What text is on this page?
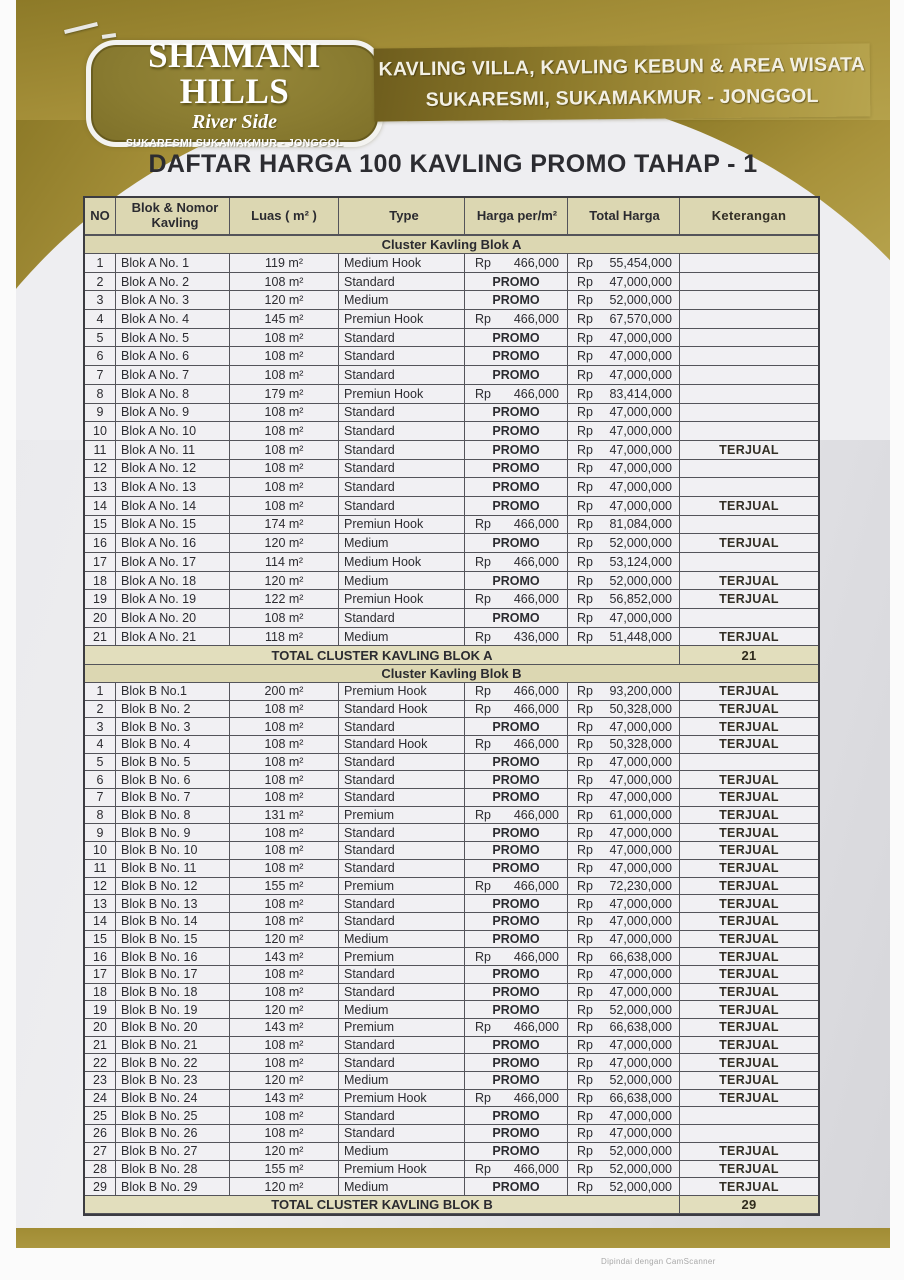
SHAMANI HILLS
River Side
SUKARESMI SUKAMAKMUR - JONGGOL
KAVLING VILLA, KAVLING KEBUN & AREA WISATA
SUKARESMI, SUKAMAKMUR - JONGGOL
DAFTAR HARGA 100 KAVLING PROMO TAHAP - 1
NO	Blok & Nomor Kavling	Luas ( m² )	Type	Harga per/m²	Total Harga	Keterangan
Cluster Kavling Blok A
1	Blok A No. 1	119 m²	Medium Hook	Rp 466,000 Rp 55,454,000
2	Blok A No. 2	108 m²	Standard	PROMO	Rp 47,000,000
3	Blok A No. 3	120 m²	Medium	PROMO	Rp 52,000,000
4	Blok A No. 4	145 m²	Premiun Hook	Rp 466,000 Rp 67,570,000
5	Blok A No. 5	108 m²	Standard	PROMO	Rp 47,000,000
6	Blok A No. 6	108 m²	Standard	PROMO	Rp 47,000,000
7	Blok A No. 7	108 m²	Standard	PROMO	Rp 47,000,000
8	Blok A No. 8	179 m²	Premiun Hook	Rp 466,000 Rp 83,414,000
9	Blok A No. 9	108 m²	Standard	PROMO	Rp 47,000,000
10	Blok A No. 10	108 m²	Standard	PROMO	Rp 47,000,000
11	Blok A No. 11	108 m²	Standard	PROMO	Rp 47,000,000	TERJUAL
12	Blok A No. 12	108 m²	Standard	PROMO	Rp 47,000,000
13	Blok A No. 13	108 m²	Standard	PROMO	Rp 47,000,000
14	Blok A No. 14	108 m²	Standard	PROMO	Rp 47,000,000	TERJUAL
15	Blok A No. 15	174 m²	Premiun Hook	Rp 466,000 Rp 81,084,000
16	Blok A No. 16	120 m²	Medium	PROMO	Rp 52,000,000	TERJUAL
17	Blok A No. 17	114 m²	Medium Hook	Rp 466,000 Rp 53,124,000
18	Blok A No. 18	120 m²	Medium	PROMO	Rp 52,000,000	TERJUAL
19	Blok A No. 19	122 m²	Premiun Hook	Rp 466,000 Rp 56,852,000	TERJUAL
20	Blok A No. 20	108 m²	Standard	PROMO	Rp 47,000,000
21	Blok A No. 21	118 m²	Medium	Rp 436,000 Rp 51,448,000	TERJUAL
TOTAL CLUSTER KAVLING BLOK A	21
Cluster Kavling Blok B
1	Blok B No.1	200 m²	Premium Hook	Rp 466,000 Rp 93,200,000	TERJUAL
2	Blok B No. 2	108 m²	Standard Hook	Rp 466,000 Rp 50,328,000	TERJUAL
3	Blok B No. 3	108 m²	Standard	PROMO	Rp 47,000,000	TERJUAL
4	Blok B No. 4	108 m²	Standard Hook	Rp 466,000 Rp 50,328,000	TERJUAL
5	Blok B No. 5	108 m²	Standard	PROMO	Rp 47,000,000
6	Blok B No. 6	108 m²	Standard	PROMO	Rp 47,000,000	TERJUAL
7	Blok B No. 7	108 m²	Standard	PROMO	Rp 47,000,000	TERJUAL
8	Blok B No. 8	131 m²	Premium	Rp 466,000 Rp 61,000,000	TERJUAL
9	Blok B No. 9	108 m²	Standard	PROMO	Rp 47,000,000	TERJUAL
10	Blok B No. 10	108 m²	Standard	PROMO	Rp 47,000,000	TERJUAL
11	Blok B No. 11	108 m²	Standard	PROMO	Rp 47,000,000	TERJUAL
12	Blok B No. 12	155 m²	Premium	Rp 466,000 Rp 72,230,000	TERJUAL
13	Blok B No. 13	108 m²	Standard	PROMO	Rp 47,000,000	TERJUAL
14	Blok B No. 14	108 m²	Standard	PROMO	Rp 47,000,000	TERJUAL
15	Blok B No. 15	120 m²	Medium	PROMO	Rp 47,000,000	TERJUAL
16	Blok B No. 16	143 m²	Premium	Rp 466,000 Rp 66,638,000	TERJUAL
17	Blok B No. 17	108 m²	Standard	PROMO	Rp 47,000,000	TERJUAL
18	Blok B No. 18	108 m²	Standard	PROMO	Rp 47,000,000	TERJUAL
19	Blok B No. 19	120 m²	Medium	PROMO	Rp 52,000,000	TERJUAL
20	Blok B No. 20	143 m²	Premium	Rp 466,000 Rp 66,638,000	TERJUAL
21	Blok B No. 21	108 m²	Standard	PROMO	Rp 47,000,000	TERJUAL
22	Blok B No. 22	108 m²	Standard	PROMO	Rp 47,000,000	TERJUAL
23	Blok B No. 23	120 m²	Medium	PROMO	Rp 52,000,000	TERJUAL
24	Blok B No. 24	143 m²	Premium Hook	Rp 466,000 Rp 66,638,000	TERJUAL
25	Blok B No. 25	108 m²	Standard	PROMO	Rp 47,000,000
26	Blok B No. 26	108 m²	Standard	PROMO	Rp 47,000,000
27	Blok B No. 27	120 m²	Medium	PROMO	Rp 52,000,000	TERJUAL
28	Blok B No. 28	155 m²	Premium Hook	Rp 466,000 Rp 52,000,000	TERJUAL
29	Blok B No. 29	120 m²	Medium	PROMO	Rp 52,000,000	TERJUAL
TOTAL CLUSTER KAVLING BLOK B	29
Dipindai dengan CamScanner
